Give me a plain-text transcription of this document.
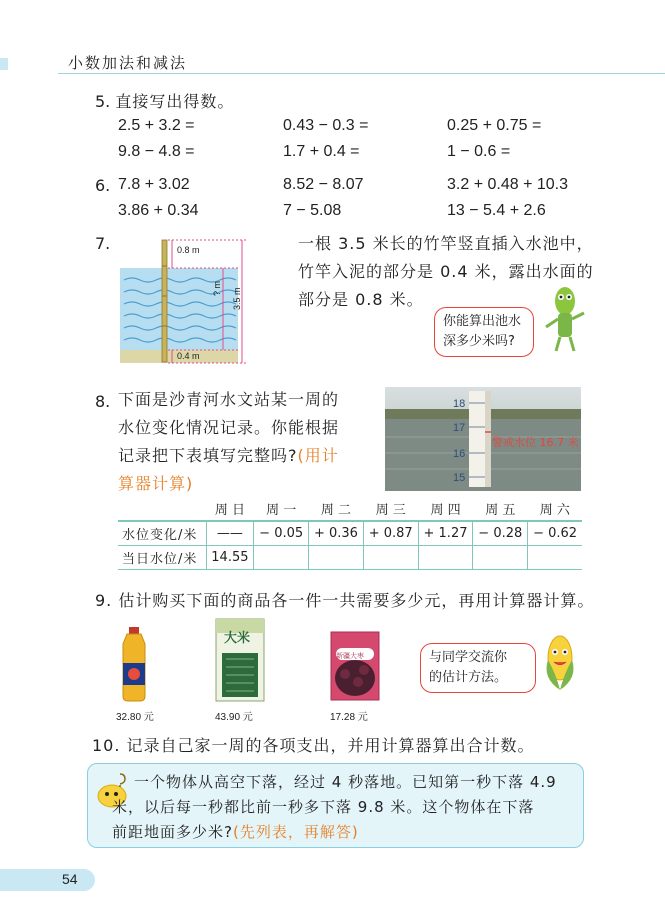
小数加法和减法
5. 直接写出得数。
2.5 + 3.2 =	0.43 − 0.3 =	0.25 + 0.75 =
9.8 − 4.8 =	1.7 + 0.4 =	1 − 0.6 =
6. 7.8 + 3.02	8.52 − 8.07	3.2 + 0.48 + 10.3
3.86 + 0.34	7 − 5.08	13 − 5.4 + 2.6
7.	0.8 m
? m 3.5 m
0.4 m
一根 3.5 米长的竹竿竖直插入水池中，
竹竿入泥的部分是 0.4 米，露出水面的
部分是 0.8 米。
你能算出池水
深多少米吗?
8. 下面是沙青河水文站某一周的
水位变化情况记录。你能根据
记录把下表填写完整吗?(用计
算器计算)
18
17
16
15
警戒水位 16.7 米
	周 日	周 一	周 二	周 三	周 四	周 五	周 六
水位变化/米	——	− 0.05	+ 0.36	+ 0.87	+ 1.27	− 0.28	− 0.62
当日水位/米	14.55						
9. 估计购买下面的商品各一件一共需要多少元，再用计算器计算。
大米
新疆大枣
32.80 元	43.90 元	17.28 元
与同学交流你
的估计方法。
10. 记录自己家一周的各项支出，并用计算器算出合计数。
一个物体从高空下落，经过 4 秒落地。已知第一秒下落 4.9
米，以后每一秒都比前一秒多下落 9.8 米。这个物体在下落
前距地面多少米?(先列表，再解答)
54
